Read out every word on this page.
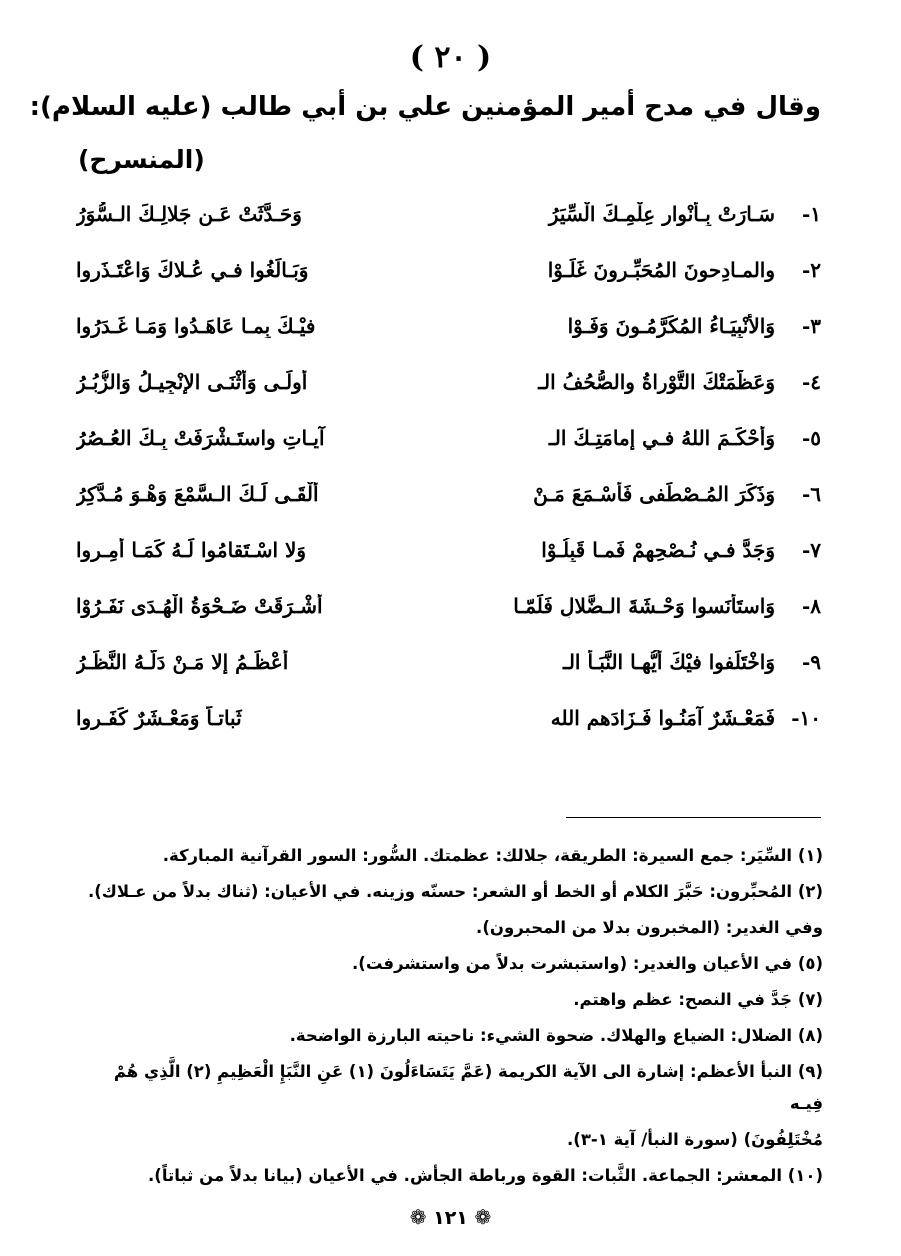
( ٢٠ )
وقال في مدح أمير المؤمنين علي بن أبي طالب (عليه السلام):
(المنسرح)
١-
سَـارَتْ بِـأنْوارِ عِلْمِـكَ الْسِّيَرُ
وَحَـدَّثَتْ عَـن جَلالِـكَ الـسُّوَرُ
٢-
والمـادِحونَ المُحَبِّـرونَ غَلَـوْا
وَبَـالَغُوا فـي عُـلاكَ وَاعْتَـذَروا
٣-
وَالأنْبِيَـاءُ المُكَرَّمُـونَ وَفَـوْا
فيْـكَ بِمـا عَاهَـدُوا وَمَـا غَـدَرُوا
٤-
وَعَظَّمَتْكَ التَّوْراةُ والصُّحُفُ الـ
أُولَـى وَأَثْنَـى الإنْجِيـلُ وَالزُّبُـرُ
٥-
وَأَحْكَـمَ اللهُ فـي إمامَتِـكَ الـ
آيـاتِ واستَـشْرَفَتْ بِـكَ العُـصُرُ
٦-
وَذَكَرَ المُـصْطَفى فَأسْـمَعَ مَـنْ
أَلْقَـى لَـكَ الـسَّمْعَ وَهْـوَ مُـدَّكِرُ
٧-
وَجَدَّ فـي نُـصْحِهِمْ فَمـا قَبِلُـوْا
وَلا اسْـتَقامُوا لَـهُ كَمَـا أُمِـروا
٨-
وَاستَأْنَسوا وَحْـشَةَ الـضَّلالِ فَلَمّـا
أَشْـرَقَتْ ضَـحْوَةُ الْهُـدَى نَفَـرُوْا
٩-
وَاخْتَلَفوا فيْكَ أيُّهـا النَّبَـأُ الـ
أَعْظَـمُ إلا مَـنْ دَلَّـهُ النَّظَـرُ
١٠-
فَمَعْـشَرٌ آمَنُـوا فَـزَادَهم الله
ثَباتـاً وَمَعْـشَرٌ كَفَـروا
(١) السِّيَر: جمع السيرة: الطريقة، جلالك: عظمتك. السُّور: السور القرآنية المباركة.
(٢) المُحبِّرون: حَبَّرَ الكلام أو الخط أو الشعر: حسنّه وزينه. في الأعيان: (ثناك بدلاً من عـلاك).
وفي الغدير: (المخبرون بدلا من المحبرون).
(٥) في الأعيان والغدير: (واستبشرت بدلاً من واستشرفت).
(٧) جَدَّ في النصح: عظم واهتم.
(٨) الضلال: الضياع والهلاك. ضحوة الشيء: ناحيته البارزة الواضحة.
(٩) النبأ الأعظم: إشارة الى الآية الكريمة (عَمَّ يَتَسَاءَلُونَ (١) عَنِ النَّبَإِ الْعَظِيمِ (٢) الَّذِي هُمْ فِيـه
مُخْتَلِفُونَ) (سورة النبأ/ آية ١-٣).
(١٠) المعشر: الجماعة. الثَّبات: القوة ورباطة الجأش. في الأعيان (بيانا بدلاً من ثباتاً).
❁ ١٢١ ❁
